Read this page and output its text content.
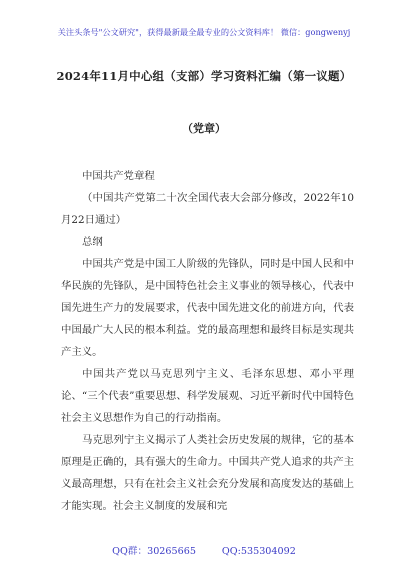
关注头条号"公文研究"，获得最新最全最专业的公文资料库！ 微信：gongwenyj
2024年11月中心组（支部）学习资料汇编（第一议题）
（党章）

中国共产党章程

（中国共产党第二十次全国代表大会部分修改，2022年10月22日通过）

总纲

中国共产党是中国工人阶级的先锋队，同时是中国人民和中华民族的先锋队，是中国特色社会主义事业的领导核心，代表中国先进生产力的发展要求，代表中国先进文化的前进方向，代表中国最广大人民的根本利益。党的最高理想和最终目标是实现共产主义。

中国共产党以马克思列宁主义、毛泽东思想、邓小平理论、“三个代表”重要思想、科学发展观、习近平新时代中国特色社会主义思想作为自己的行动指南。

马克思列宁主义揭示了人类社会历史发展的规律，它的基本原理是正确的，具有强大的生命力。中国共产党人追求的共产主义最高理想，只有在社会主义社会充分发展和高度发达的基础上才能实现。社会主义制度的发展和完

QQ群：30265665	QQ:535304092
